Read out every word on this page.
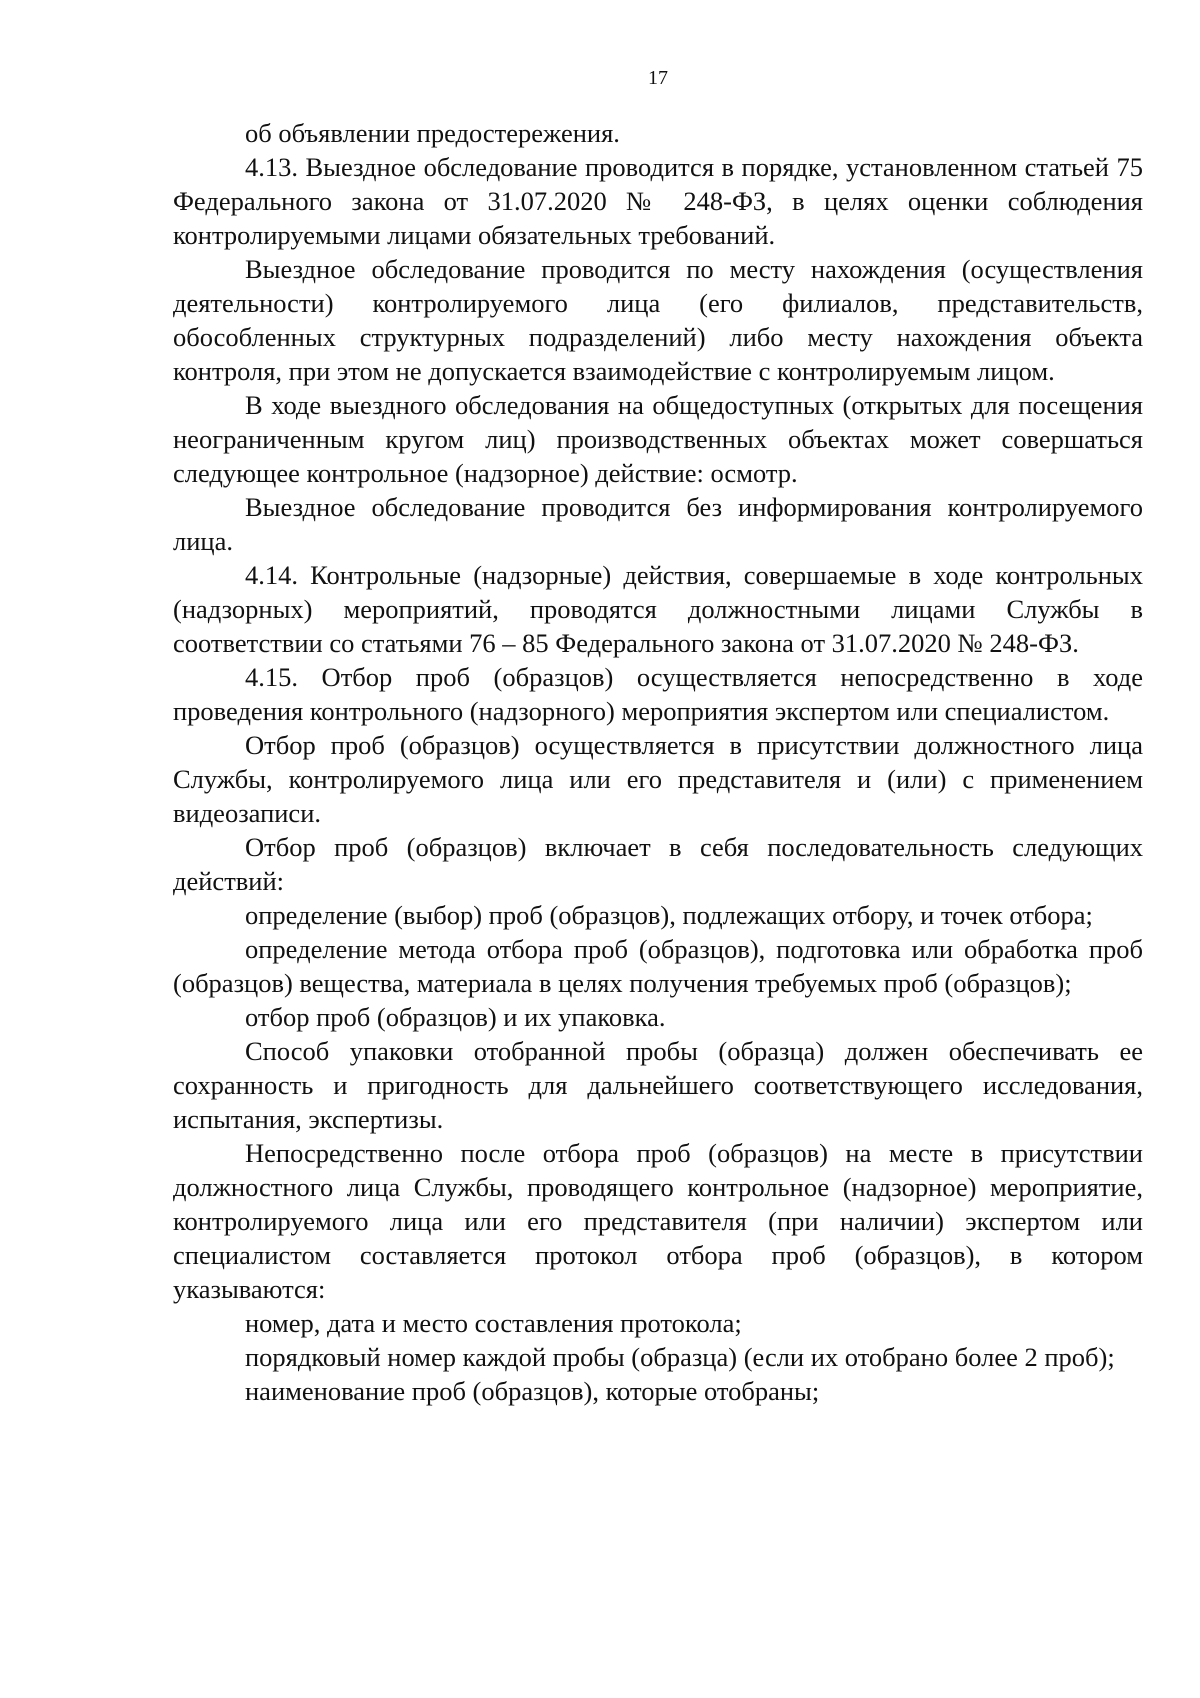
17

об объявлении предостережения.

4.13. Выездное обследование проводится в порядке, установленном статьей 75 Федерального закона от 31.07.2020 № 248-ФЗ, в целях оценки соблюдения контролируемыми лицами обязательных требований.

Выездное обследование проводится по месту нахождения (осуществления деятельности) контролируемого лица (его филиалов, представительств, обособленных структурных подразделений) либо месту нахождения объекта контроля, при этом не допускается взаимодействие с контролируемым лицом.

В ходе выездного обследования на общедоступных (открытых для посещения неограниченным кругом лиц) производственных объектах может совершаться следующее контрольное (надзорное) действие: осмотр.

Выездное обследование проводится без информирования контролируемого лица.

4.14. Контрольные (надзорные) действия, совершаемые в ходе контрольных (надзорных) мероприятий, проводятся должностными лицами Службы в соответствии со статьями 76 – 85 Федерального закона от 31.07.2020 № 248-ФЗ.

4.15. Отбор проб (образцов) осуществляется непосредственно в ходе проведения контрольного (надзорного) мероприятия экспертом или специалистом.

Отбор проб (образцов) осуществляется в присутствии должностного лица Службы, контролируемого лица или его представителя и (или) с применением видеозаписи.

Отбор проб (образцов) включает в себя последовательность следующих действий:

определение (выбор) проб (образцов), подлежащих отбору, и точек отбора;

определение метода отбора проб (образцов), подготовка или обработка проб (образцов) вещества, материала в целях получения требуемых проб (образцов);

отбор проб (образцов) и их упаковка.

Способ упаковки отобранной пробы (образца) должен обеспечивать ее сохранность и пригодность для дальнейшего соответствующего исследования, испытания, экспертизы.

Непосредственно после отбора проб (образцов) на месте в присутствии должностного лица Службы, проводящего контрольное (надзорное) мероприятие, контролируемого лица или его представителя (при наличии) экспертом или специалистом составляется протокол отбора проб (образцов), в котором указываются:

номер, дата и место составления протокола;

порядковый номер каждой пробы (образца) (если их отобрано более 2 проб);

наименование проб (образцов), которые отобраны;
